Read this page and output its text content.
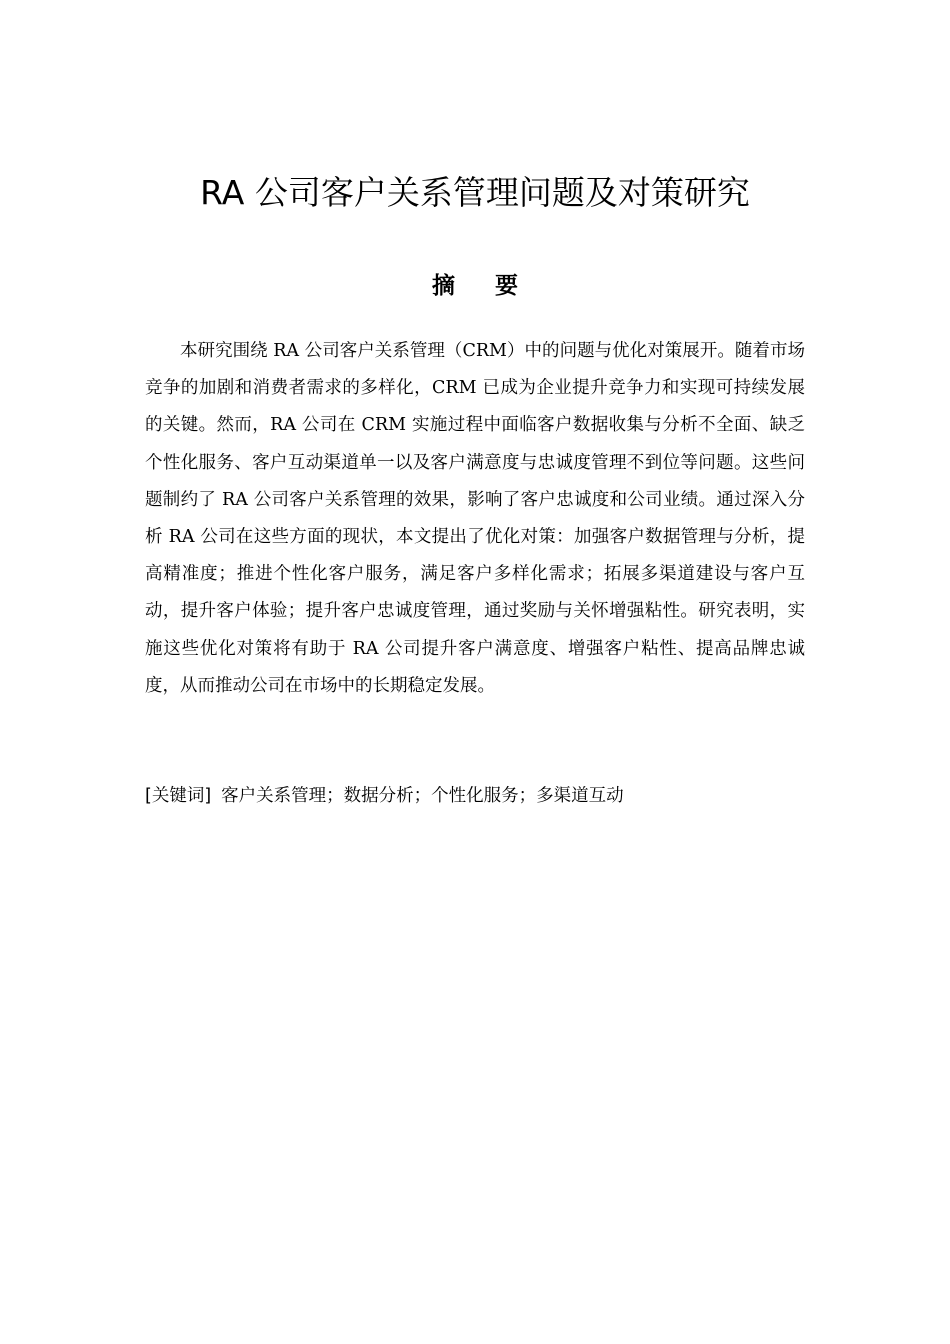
RA 公司客户关系管理问题及对策研究
摘要

本研究围绕 RA 公司客户关系管理（CRM）中的问题与优化对策展开。随着市场竞争的加剧和消费者需求的多样化，CRM 已成为企业提升竞争力和实现可持续发展的关键。然而，RA 公司在 CRM 实施过程中面临客户数据收集与分析不全面、缺乏个性化服务、客户互动渠道单一以及客户满意度与忠诚度管理不到位等问题。这些问题制约了 RA 公司客户关系管理的效果，影响了客户忠诚度和公司业绩。通过深入分析 RA 公司在这些方面的现状，本文提出了优化对策：加强客户数据管理与分析，提高精准度；推进个性化客户服务，满足客户多样化需求；拓展多渠道建设与客户互动，提升客户体验；提升客户忠诚度管理，通过奖励与关怀增强粘性。研究表明，实施这些优化对策将有助于 RA 公司提升客户满意度、增强客户粘性、提高品牌忠诚度，从而推动公司在市场中的长期稳定发展。

[关键词] 客户关系管理；数据分析；个性化服务；多渠道互动
